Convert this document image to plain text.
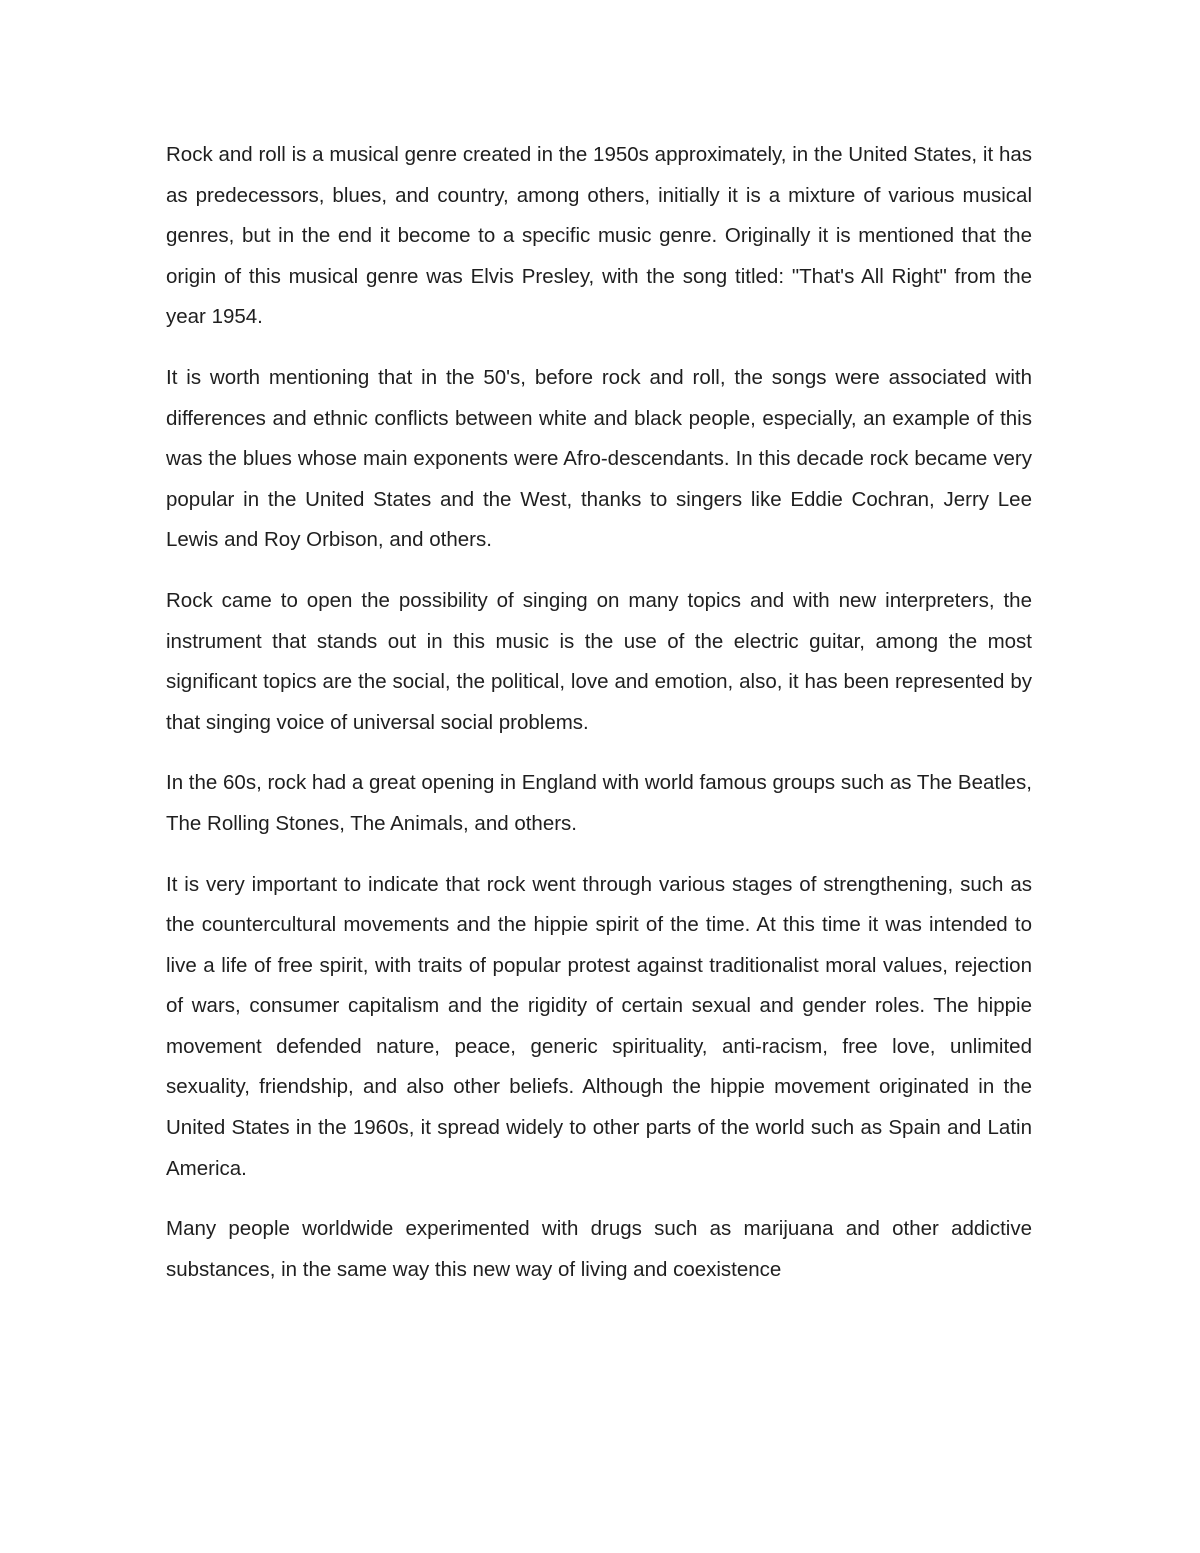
Rock and roll is a musical genre created in the 1950s approximately, in the United States, it has as predecessors, blues, and country, among others, initially it is a mixture of various musical genres, but in the end it become to a specific music genre. Originally it is mentioned that the origin of this musical genre was Elvis Presley, with the song titled: "That's All Right" from the year 1954.

It is worth mentioning that in the 50's, before rock and roll, the songs were associated with differences and ethnic conflicts between white and black people, especially, an example of this was the blues whose main exponents were Afro-descendants. In this decade rock became very popular in the United States and the West, thanks to singers like Eddie Cochran, Jerry Lee Lewis and Roy Orbison, and others.

Rock came to open the possibility of singing on many topics and with new interpreters, the instrument that stands out in this music is the use of the electric guitar, among the most significant topics are the social, the political, love and emotion, also, it has been represented by that singing voice of universal social problems.

In the 60s, rock had a great opening in England with world famous groups such as The Beatles, The Rolling Stones, The Animals, and others.

It is very important to indicate that rock went through various stages of strengthening, such as the countercultural movements and the hippie spirit of the time. At this time it was intended to live a life of free spirit, with traits of popular protest against traditionalist moral values, rejection of wars, consumer capitalism and the rigidity of certain sexual and gender roles. The hippie movement defended nature, peace, generic spirituality, anti-racism, free love, unlimited sexuality, friendship, and also other beliefs. Although the hippie movement originated in the United States in the 1960s, it spread widely to other parts of the world such as Spain and Latin America.

Many people worldwide experimented with drugs such as marijuana and other addictive substances, in the same way this new way of living and coexistence
